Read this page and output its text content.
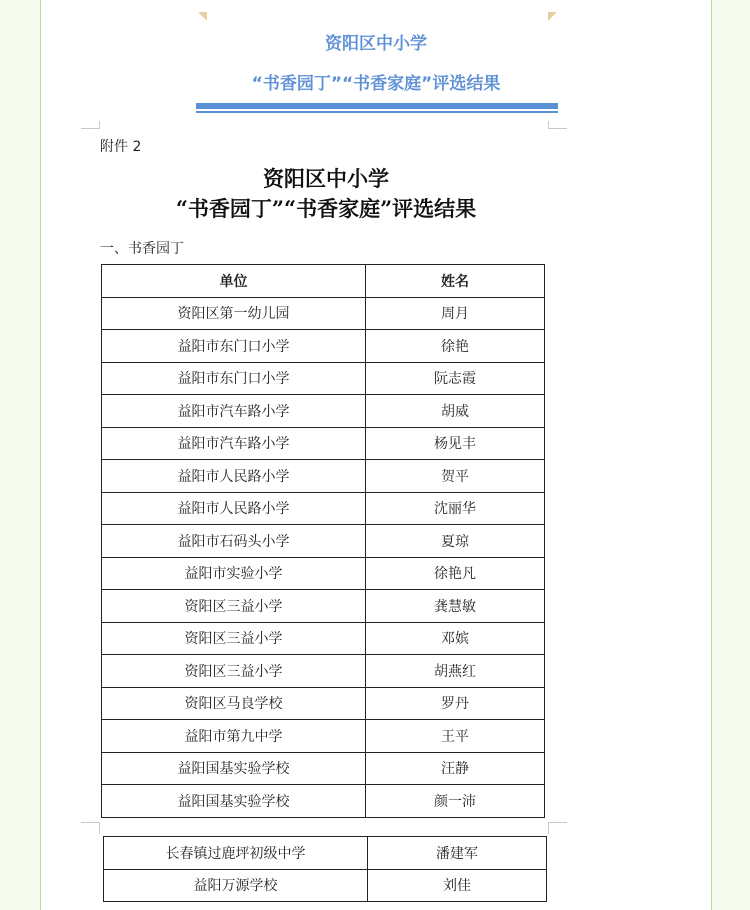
资阳区中小学
“书香园丁”“书香家庭”评选结果
附件 2
资阳区中小学
“书香园丁”“书香家庭”评选结果
一、书香园丁
单位	姓名
资阳区第一幼儿园	周月
益阳市东门口小学	徐艳
益阳市东门口小学	阮志霞
益阳市汽车路小学	胡威
益阳市汽车路小学	杨见丰
益阳市人民路小学	贺平
益阳市人民路小学	沈丽华
益阳市石码头小学	夏琼
益阳市实验小学	徐艳凡
资阳区三益小学	龚慧敏
资阳区三益小学	邓嫔
资阳区三益小学	胡燕红
资阳区马良学校	罗丹
益阳市第九中学	王平
益阳国基实验学校	汪静
益阳国基实验学校	颜一沛
长春镇过鹿坪初级中学	潘建军
益阳万源学校	刘佳
